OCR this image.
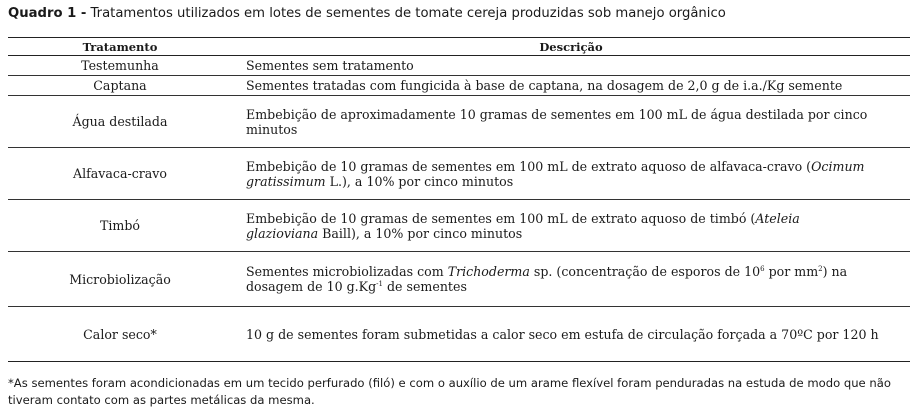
Quadro 1 - Tratamentos utilizados em lotes de sementes de tomate cereja produzidas sob manejo orgânico
Tratamento	Descrição
Testemunha	Sementes sem tratamento
Captana	Sementes tratadas com fungicida à base de captana, na dosagem de 2,0 g de i.a./Kg semente
Água destilada	Embebição de aproximadamente 10 gramas de sementes em 100 mL de água destilada por cinco
minutos
Alfavaca-cravo	Embebição de 10 gramas de sementes em 100 mL de extrato aquoso de alfavaca-cravo (Ocimum
gratissimum L.), a 10% por cinco minutos
Timbó	Embebição de 10 gramas de sementes em 100 mL de extrato aquoso de timbó (Ateleia
glazioviana Baill), a 10% por cinco minutos
Microbiolização	Sementes microbiolizadas com Trichoderma sp. (concentração de esporos de $10^6$ por $mm^2$) na
dosagem de 10 $g.Kg^{-1}$ de sementes
Calor seco*	10 g de sementes foram submetidas a calor seco em estufa de circulação forçada a 70ºC por 120 h
*As sementes foram acondicionadas em um tecido perfurado (filó) e com o auxílio de um arame flexível foram penduradas na estuda de modo que não tiveram contato com as partes metálicas da mesma.
